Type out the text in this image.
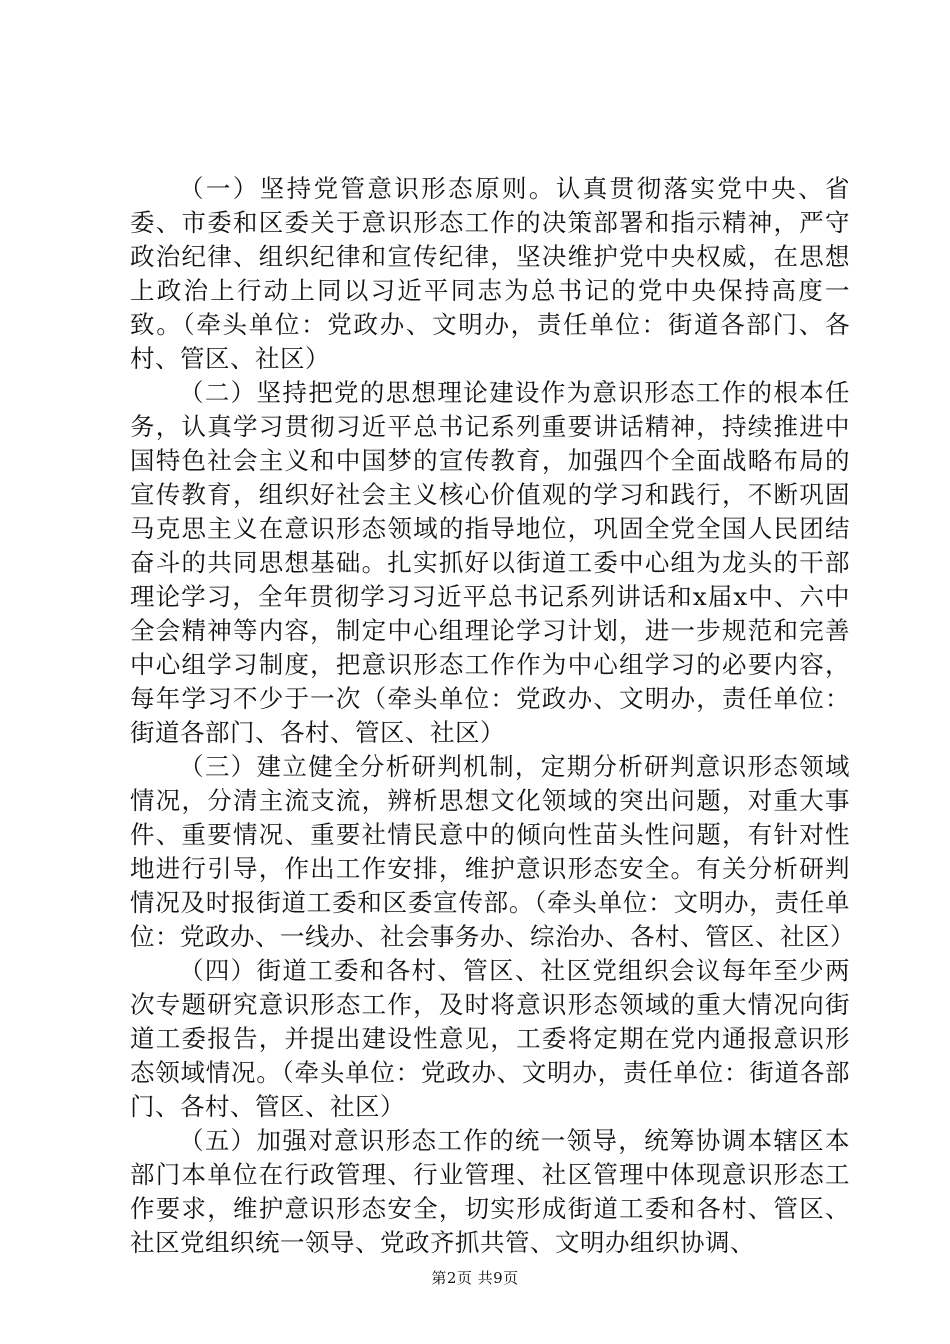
（一）坚持党管意识形态原则。认真贯彻落实党中央、省委、市委和区委关于意识形态工作的决策部署和指示精神，严守政治纪律、组织纪律和宣传纪律，坚决维护党中央权威，在思想上政治上行动上同以习近平同志为总书记的党中央保持高度一致。（牵头单位：党政办、文明办，责任单位：街道各部门、各村、管区、社区）

（二）坚持把党的思想理论建设作为意识形态工作的根本任务，认真学习贯彻习近平总书记系列重要讲话精神，持续推进中国特色社会主义和中国梦的宣传教育，加强四个全面战略布局的宣传教育，组织好社会主义核心价值观的学习和践行，不断巩固马克思主义在意识形态领域的指导地位，巩固全党全国人民团结奋斗的共同思想基础。扎实抓好以街道工委中心组为龙头的干部理论学习，全年贯彻学习习近平总书记系列讲话和x届x中、六中全会精神等内容，制定中心组理论学习计划，进一步规范和完善中心组学习制度，把意识形态工作作为中心组学习的必要内容，每年学习不少于一次（牵头单位：党政办、文明办，责任单位：街道各部门、各村、管区、社区）

（三）建立健全分析研判机制，定期分析研判意识形态领域情况，分清主流支流，辨析思想文化领域的突出问题，对重大事件、重要情况、重要社情民意中的倾向性苗头性问题，有针对性地进行引导，作出工作安排，维护意识形态安全。有关分析研判情况及时报街道工委和区委宣传部。（牵头单位：文明办，责任单位：党政办、一线办、社会事务办、综治办、各村、管区、社区）

（四）街道工委和各村、管区、社区党组织会议每年至少两次专题研究意识形态工作，及时将意识形态领域的重大情况向街道工委报告，并提出建设性意见，工委将定期在党内通报意识形态领域情况。（牵头单位：党政办、文明办，责任单位：街道各部门、各村、管区、社区）

（五）加强对意识形态工作的统一领导，统筹协调本辖区本部门本单位在行政管理、行业管理、社区管理中体现意识形态工作要求，维护意识形态安全，切实形成街道工委和各村、管区、社区党组织统一领导、党政齐抓共管、文明办组织协调、

第2页 共9页
